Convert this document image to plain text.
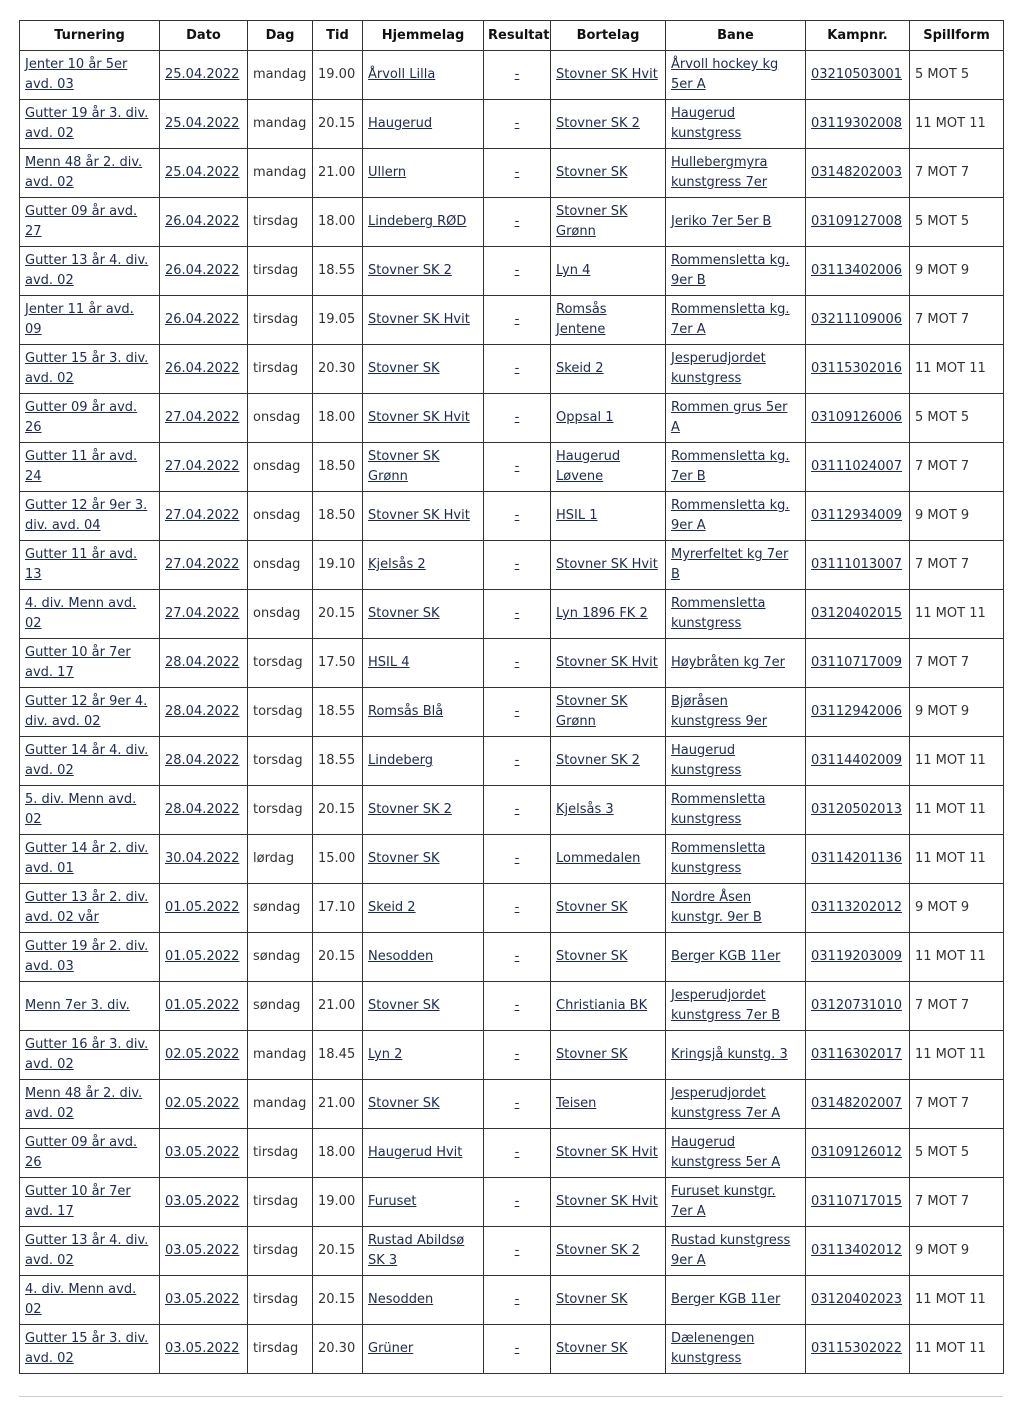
Turnering	Dato	Dag	Tid	Hjemmelag	Resultat	Bortelag	Bane	Kampnr.	Spillform
Jenter 10 år 5er avd. 03	25.04.2022	mandag	19.00	Årvoll Lilla	-	Stovner SK Hvit	Årvoll hockey kg 5er A	03210503001	5 MOT 5
Gutter 19 år 3. div. avd. 02	25.04.2022	mandag	20.15	Haugerud	-	Stovner SK 2	Haugerud kunstgress	03119302008	11 MOT 11
Menn 48 år 2. div. avd. 02	25.04.2022	mandag	21.00	Ullern	-	Stovner SK	Hullebergmyra kunstgress 7er	03148202003	7 MOT 7
Gutter 09 år avd. 27	26.04.2022	tirsdag	18.00	Lindeberg RØD	-	Stovner SK Grønn	Jeriko 7er 5er B	03109127008	5 MOT 5
Gutter 13 år 4. div. avd. 02	26.04.2022	tirsdag	18.55	Stovner SK 2	-	Lyn 4	Rommensletta kg. 9er B	03113402006	9 MOT 9
Jenter 11 år avd. 09	26.04.2022	tirsdag	19.05	Stovner SK Hvit	-	Romsås Jentene	Rommensletta kg. 7er A	03211109006	7 MOT 7
Gutter 15 år 3. div. avd. 02	26.04.2022	tirsdag	20.30	Stovner SK	-	Skeid 2	Jesperudjordet kunstgress	03115302016	11 MOT 11
Gutter 09 år avd. 26	27.04.2022	onsdag	18.00	Stovner SK Hvit	-	Oppsal 1	Rommen grus 5er A	03109126006	5 MOT 5
Gutter 11 år avd. 24	27.04.2022	onsdag	18.50	Stovner SK Grønn	-	Haugerud Løvene	Rommensletta kg. 7er B	03111024007	7 MOT 7
Gutter 12 år 9er 3. div. avd. 04	27.04.2022	onsdag	18.50	Stovner SK Hvit	-	HSIL 1	Rommensletta kg. 9er A	03112934009	9 MOT 9
Gutter 11 år avd. 13	27.04.2022	onsdag	19.10	Kjelsås 2	-	Stovner SK Hvit	Myrerfeltet kg 7er B	03111013007	7 MOT 7
4. div. Menn avd. 02	27.04.2022	onsdag	20.15	Stovner SK	-	Lyn 1896 FK 2	Rommensletta kunstgress	03120402015	11 MOT 11
Gutter 10 år 7er avd. 17	28.04.2022	torsdag	17.50	HSIL 4	-	Stovner SK Hvit	Høybråten kg 7er	03110717009	7 MOT 7
Gutter 12 år 9er 4. div. avd. 02	28.04.2022	torsdag	18.55	Romsås Blå	-	Stovner SK Grønn	Bjøråsen kunstgress 9er	03112942006	9 MOT 9
Gutter 14 år 4. div. avd. 02	28.04.2022	torsdag	18.55	Lindeberg	-	Stovner SK 2	Haugerud kunstgress	03114402009	11 MOT 11
5. div. Menn avd. 02	28.04.2022	torsdag	20.15	Stovner SK 2	-	Kjelsås 3	Rommensletta kunstgress	03120502013	11 MOT 11
Gutter 14 år 2. div. avd. 01	30.04.2022	lørdag	15.00	Stovner SK	-	Lommedalen	Rommensletta kunstgress	03114201136	11 MOT 11
Gutter 13 år 2. div. avd. 02 vår	01.05.2022	søndag	17.10	Skeid 2	-	Stovner SK	Nordre Åsen kunstgr. 9er B	03113202012	9 MOT 9
Gutter 19 år 2. div. avd. 03	01.05.2022	søndag	20.15	Nesodden	-	Stovner SK	Berger KGB 11er	03119203009	11 MOT 11
Menn 7er 3. div.	01.05.2022	søndag	21.00	Stovner SK	-	Christiania BK	Jesperudjordet kunstgress 7er B	03120731010	7 MOT 7
Gutter 16 år 3. div. avd. 02	02.05.2022	mandag	18.45	Lyn 2	-	Stovner SK	Kringsjå kunstg. 3	03116302017	11 MOT 11
Menn 48 år 2. div. avd. 02	02.05.2022	mandag	21.00	Stovner SK	-	Teisen	Jesperudjordet kunstgress 7er A	03148202007	7 MOT 7
Gutter 09 år avd. 26	03.05.2022	tirsdag	18.00	Haugerud Hvit	-	Stovner SK Hvit	Haugerud kunstgress 5er A	03109126012	5 MOT 5
Gutter 10 år 7er avd. 17	03.05.2022	tirsdag	19.00	Furuset	-	Stovner SK Hvit	Furuset kunstgr. 7er A	03110717015	7 MOT 7
Gutter 13 år 4. div. avd. 02	03.05.2022	tirsdag	20.15	Rustad Abildsø SK 3	-	Stovner SK 2	Rustad kunstgress 9er A	03113402012	9 MOT 9
4. div. Menn avd. 02	03.05.2022	tirsdag	20.15	Nesodden	-	Stovner SK	Berger KGB 11er	03120402023	11 MOT 11
Gutter 15 år 3. div. avd. 02	03.05.2022	tirsdag	20.30	Grüner	-	Stovner SK	Dælenengen kunstgress	03115302022	11 MOT 11
